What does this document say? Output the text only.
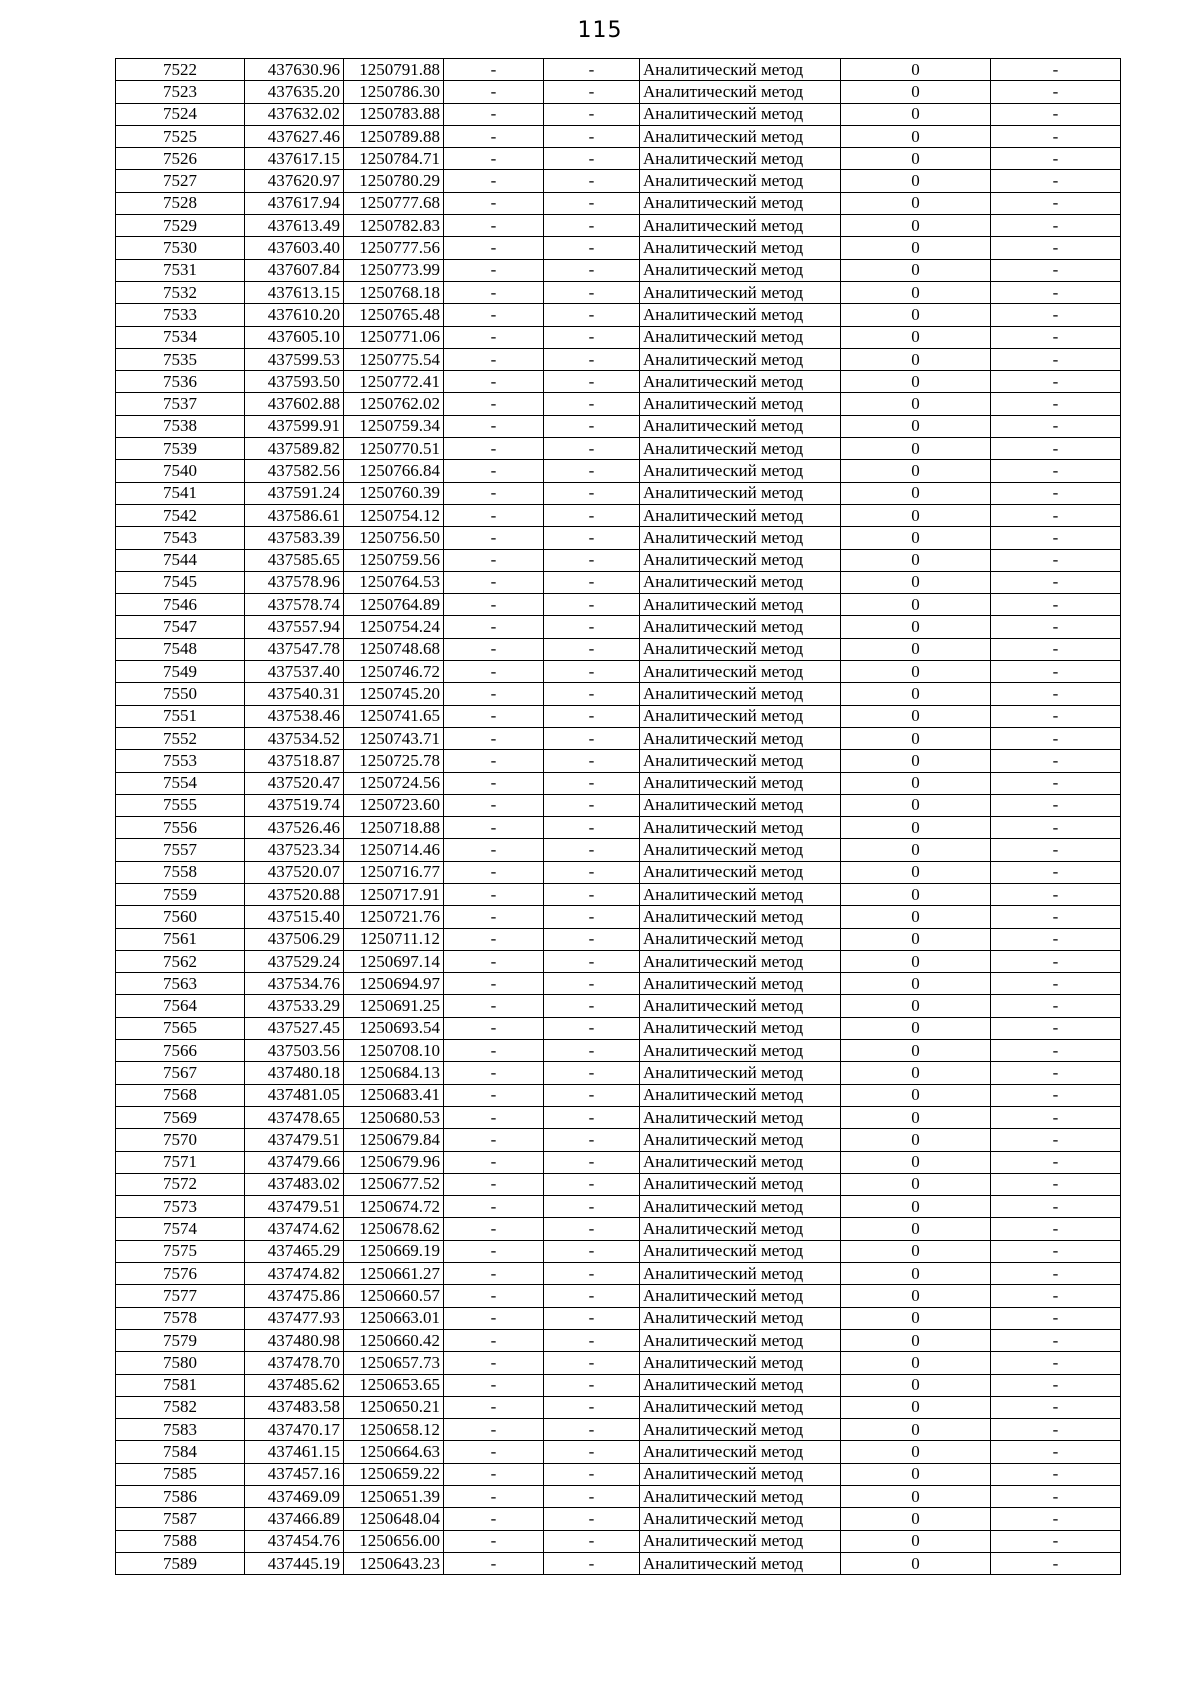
115
7522	437630.96	1250791.88	-	-	Аналитический метод	0	-
7523	437635.20	1250786.30	-	-	Аналитический метод	0	-
7524	437632.02	1250783.88	-	-	Аналитический метод	0	-
7525	437627.46	1250789.88	-	-	Аналитический метод	0	-
7526	437617.15	1250784.71	-	-	Аналитический метод	0	-
7527	437620.97	1250780.29	-	-	Аналитический метод	0	-
7528	437617.94	1250777.68	-	-	Аналитический метод	0	-
7529	437613.49	1250782.83	-	-	Аналитический метод	0	-
7530	437603.40	1250777.56	-	-	Аналитический метод	0	-
7531	437607.84	1250773.99	-	-	Аналитический метод	0	-
7532	437613.15	1250768.18	-	-	Аналитический метод	0	-
7533	437610.20	1250765.48	-	-	Аналитический метод	0	-
7534	437605.10	1250771.06	-	-	Аналитический метод	0	-
7535	437599.53	1250775.54	-	-	Аналитический метод	0	-
7536	437593.50	1250772.41	-	-	Аналитический метод	0	-
7537	437602.88	1250762.02	-	-	Аналитический метод	0	-
7538	437599.91	1250759.34	-	-	Аналитический метод	0	-
7539	437589.82	1250770.51	-	-	Аналитический метод	0	-
7540	437582.56	1250766.84	-	-	Аналитический метод	0	-
7541	437591.24	1250760.39	-	-	Аналитический метод	0	-
7542	437586.61	1250754.12	-	-	Аналитический метод	0	-
7543	437583.39	1250756.50	-	-	Аналитический метод	0	-
7544	437585.65	1250759.56	-	-	Аналитический метод	0	-
7545	437578.96	1250764.53	-	-	Аналитический метод	0	-
7546	437578.74	1250764.89	-	-	Аналитический метод	0	-
7547	437557.94	1250754.24	-	-	Аналитический метод	0	-
7548	437547.78	1250748.68	-	-	Аналитический метод	0	-
7549	437537.40	1250746.72	-	-	Аналитический метод	0	-
7550	437540.31	1250745.20	-	-	Аналитический метод	0	-
7551	437538.46	1250741.65	-	-	Аналитический метод	0	-
7552	437534.52	1250743.71	-	-	Аналитический метод	0	-
7553	437518.87	1250725.78	-	-	Аналитический метод	0	-
7554	437520.47	1250724.56	-	-	Аналитический метод	0	-
7555	437519.74	1250723.60	-	-	Аналитический метод	0	-
7556	437526.46	1250718.88	-	-	Аналитический метод	0	-
7557	437523.34	1250714.46	-	-	Аналитический метод	0	-
7558	437520.07	1250716.77	-	-	Аналитический метод	0	-
7559	437520.88	1250717.91	-	-	Аналитический метод	0	-
7560	437515.40	1250721.76	-	-	Аналитический метод	0	-
7561	437506.29	1250711.12	-	-	Аналитический метод	0	-
7562	437529.24	1250697.14	-	-	Аналитический метод	0	-
7563	437534.76	1250694.97	-	-	Аналитический метод	0	-
7564	437533.29	1250691.25	-	-	Аналитический метод	0	-
7565	437527.45	1250693.54	-	-	Аналитический метод	0	-
7566	437503.56	1250708.10	-	-	Аналитический метод	0	-
7567	437480.18	1250684.13	-	-	Аналитический метод	0	-
7568	437481.05	1250683.41	-	-	Аналитический метод	0	-
7569	437478.65	1250680.53	-	-	Аналитический метод	0	-
7570	437479.51	1250679.84	-	-	Аналитический метод	0	-
7571	437479.66	1250679.96	-	-	Аналитический метод	0	-
7572	437483.02	1250677.52	-	-	Аналитический метод	0	-
7573	437479.51	1250674.72	-	-	Аналитический метод	0	-
7574	437474.62	1250678.62	-	-	Аналитический метод	0	-
7575	437465.29	1250669.19	-	-	Аналитический метод	0	-
7576	437474.82	1250661.27	-	-	Аналитический метод	0	-
7577	437475.86	1250660.57	-	-	Аналитический метод	0	-
7578	437477.93	1250663.01	-	-	Аналитический метод	0	-
7579	437480.98	1250660.42	-	-	Аналитический метод	0	-
7580	437478.70	1250657.73	-	-	Аналитический метод	0	-
7581	437485.62	1250653.65	-	-	Аналитический метод	0	-
7582	437483.58	1250650.21	-	-	Аналитический метод	0	-
7583	437470.17	1250658.12	-	-	Аналитический метод	0	-
7584	437461.15	1250664.63	-	-	Аналитический метод	0	-
7585	437457.16	1250659.22	-	-	Аналитический метод	0	-
7586	437469.09	1250651.39	-	-	Аналитический метод	0	-
7587	437466.89	1250648.04	-	-	Аналитический метод	0	-
7588	437454.76	1250656.00	-	-	Аналитический метод	0	-
7589	437445.19	1250643.23	-	-	Аналитический метод	0	-
